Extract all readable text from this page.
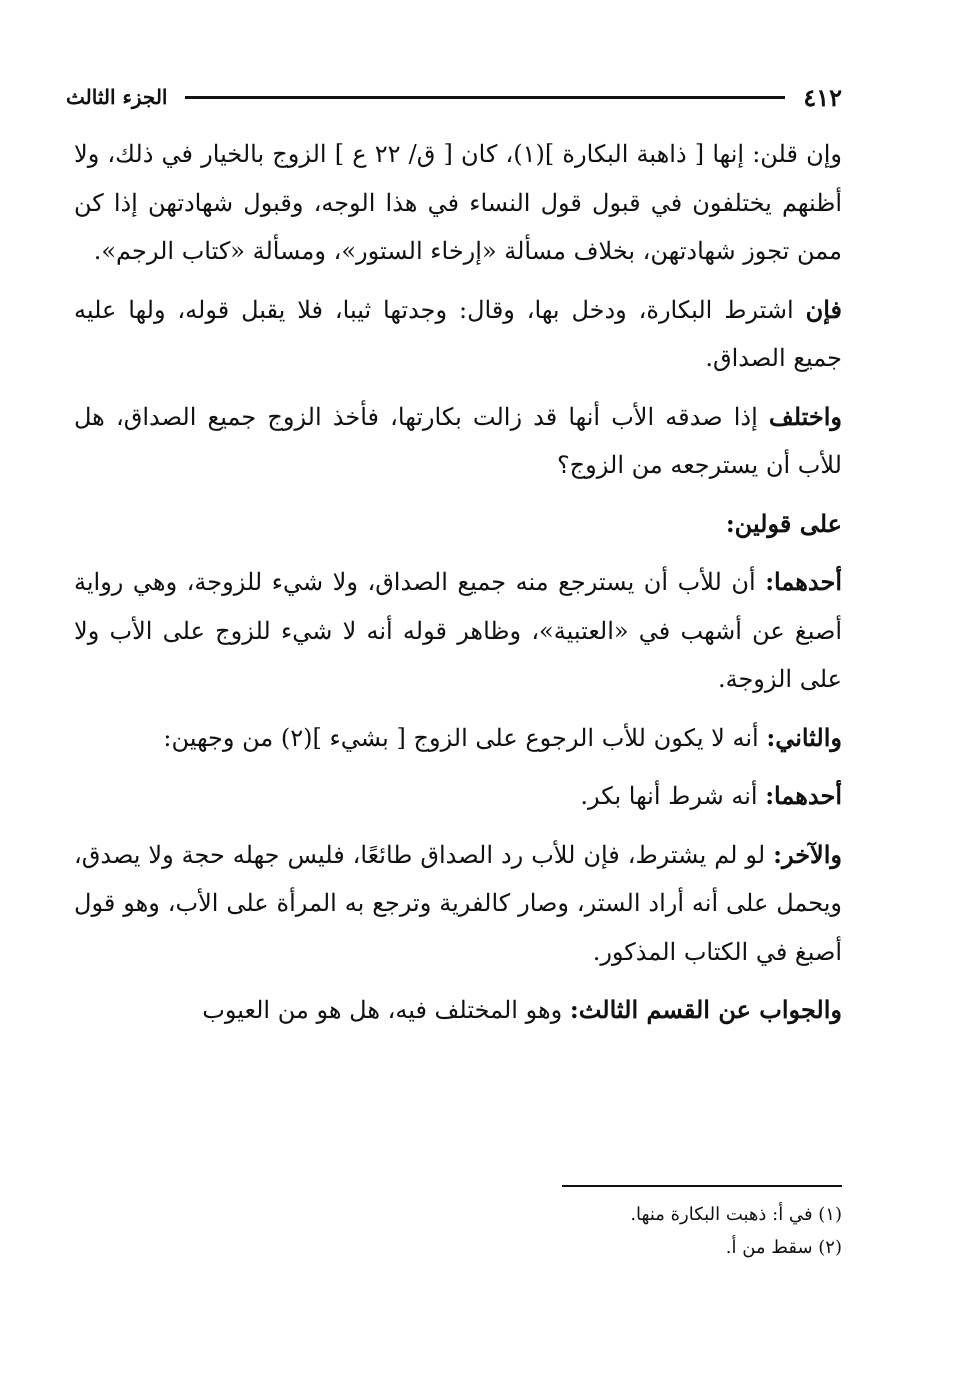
٤١٢
الجزء الثالث

وإن قلن: إنها [ ذاهبة البكارة ](١)، كان [ ق/ ٢٢ ع ] الزوج بالخيار في ذلك، ولا أظنهم يختلفون في قبول قول النساء في هذا الوجه، وقبول شهادتهن إذا كن ممن تجوز شهادتهن، بخلاف مسألة «إرخاء الستور»، ومسألة «كتاب الرجم».

فإن اشترط البكارة، ودخل بها، وقال: وجدتها ثيبا، فلا يقبل قوله، ولها عليه جميع الصداق.

واختلف إذا صدقه الأب أنها قد زالت بكارتها، فأخذ الزوج جميع الصداق، هل للأب أن يسترجعه من الزوج؟

على قولين:

أحدهما: أن للأب أن يسترجع منه جميع الصداق، ولا شيء للزوجة، وهي رواية أصبغ عن أشهب في «العتبية»، وظاهر قوله أنه لا شيء للزوج على الأب ولا على الزوجة.

والثاني: أنه لا يكون للأب الرجوع على الزوج [ بشيء ](٢) من وجهين:

أحدهما: أنه شرط أنها بكر.

والآخر: لو لم يشترط، فإن للأب رد الصداق طائعًا، فليس جهله حجة ولا يصدق، ويحمل على أنه أراد الستر، وصار كالفرية وترجع به المرأة على الأب، وهو قول أصبغ في الكتاب المذكور.

والجواب عن القسم الثالث: وهو المختلف فيه، هل هو من العيوب

(١) في أ: ذهبت البكارة منها.
(٢) سقط من أ.
